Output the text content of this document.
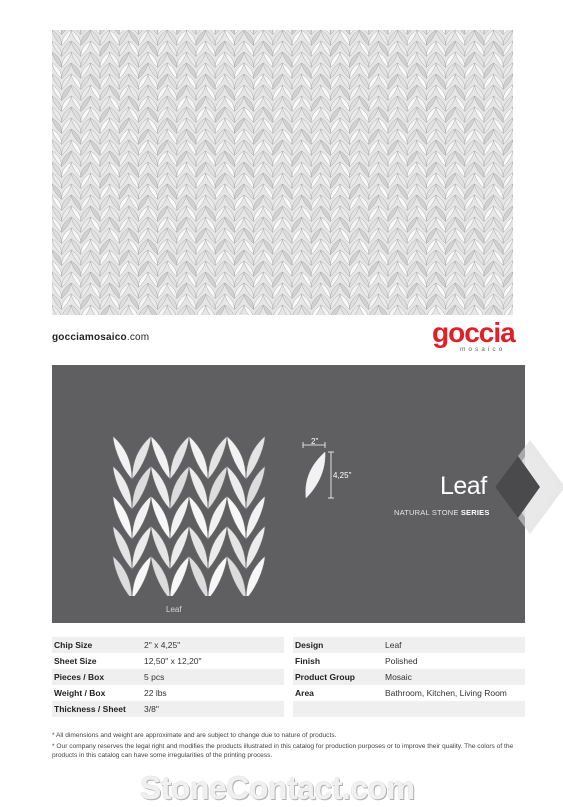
gocciamosaico.com	goccia
mosaico
Leaf
2"
4,25"	Leaf
NATURAL STONE SERIES
Chip Size	2" x 4,25"
Sheet Size	12,50" x 12,20"
Pieces / Box	5 pcs
Weight / Box	22 lbs
Thickness / Sheet	3/8"
Design	Leaf
Finish	Polished
Product Group	Mosaic
Area	Bathroom, Kitchen, Living Room

* All dimensions and weight are approximate and are subject to change due to nature of products.

* Our company reserves the legal right and modifies the products illustrated in this catalog for production purposes or to improve their quality. The colors of the products in this catalog can have some irregularities of the printing process.

StoneContact.com
